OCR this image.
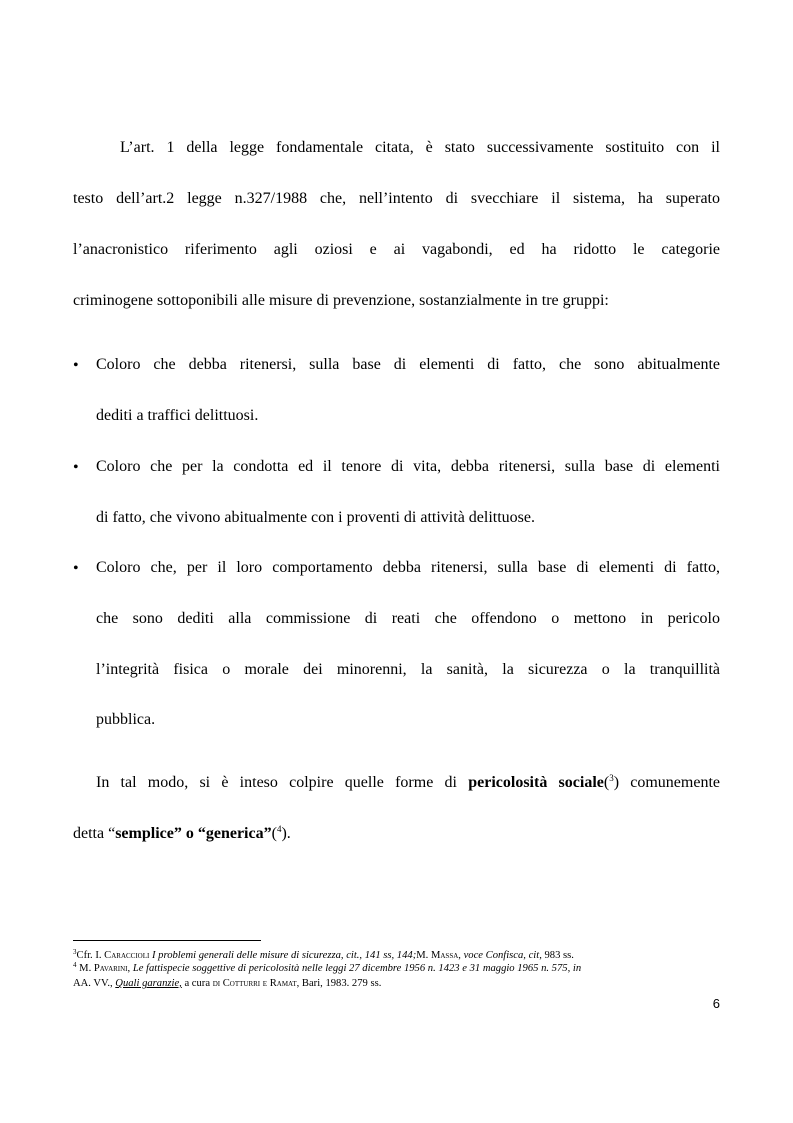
L’art. 1 della legge fondamentale citata, è stato successivamente sostituito con il
testo dell’art.2 legge n.327/1988 che, nell’intento di svecchiare il sistema, ha superato
l’anacronistico riferimento agli oziosi e ai vagabondi, ed ha ridotto le categorie
criminogene sottoponibili alle misure di prevenzione, sostanzialmente in tre gruppi:
• Coloro che debba ritenersi, sulla base di elementi di fatto, che sono abitualmente
dediti a traffici delittuosi.
• Coloro che per la condotta ed il tenore di vita, debba ritenersi, sulla base di elementi
di fatto, che vivono abitualmente con i proventi di attività delittuose.
• Coloro che, per il loro comportamento debba ritenersi, sulla base di elementi di fatto,
che sono dediti alla commissione di reati che offendono o mettono in pericolo
l’integrità fisica o morale dei minorenni, la sanità, la sicurezza o la tranquillità
pubblica.
In tal modo, si è inteso colpire quelle forme di pericolosità sociale($^3$) comunemente
detta “semplice” o “generica”($^4$).
$^3$Cfr. I. Caraccioli I problemi generali delle misure di sicurezza, cit., 141 ss, 144;M. Massa, voce Confisca, cit, 983 ss.
$^4$ M. Pavarini, Le fattispecie soggettive di pericolosità nelle leggi 27 dicembre 1956 n. 1423 e 31 maggio 1965 n. 575, in
AA. VV., Quali garanzie, a cura di Cotturri e Ramat, Bari, 1983. 279 ss.
6
